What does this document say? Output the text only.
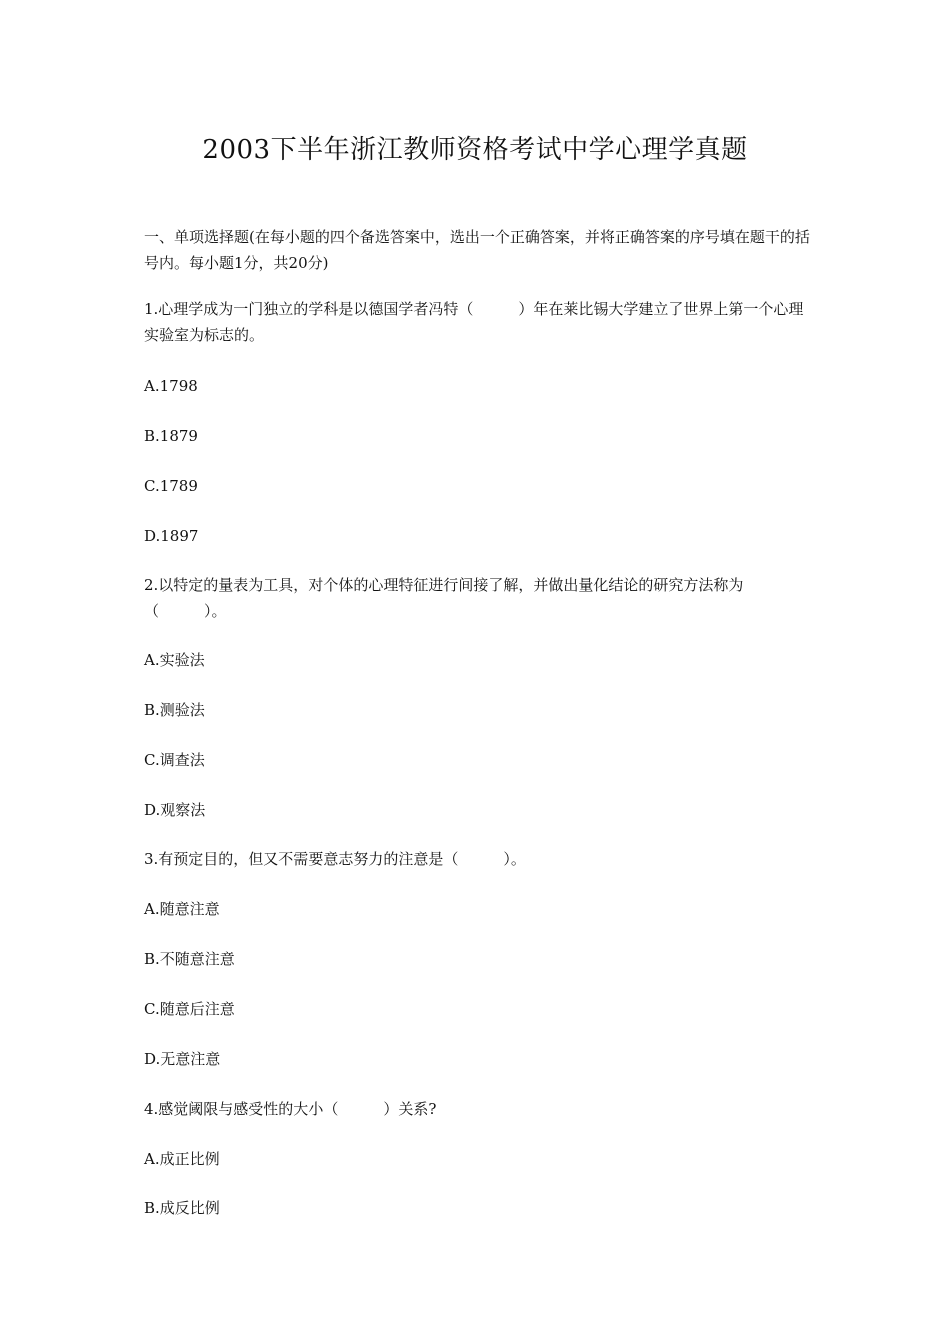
2003下半年浙江教师资格考试中学心理学真题
一、单项选择题(在每小题的四个备选答案中，选出一个正确答案，并将正确答案的序号填在题干的括号内。每小题1分，共20分)
1.心理学成为一门独立的学科是以德国学者冯特（　　　）年在莱比锡大学建立了世界上第一个心理实验室为标志的。
A.1798
B.1879
C.1789
D.1897
2.以特定的量表为工具，对个体的心理特征进行间接了解，并做出量化结论的研究方法称为（　　　）。
A.实验法
B.测验法
C.调查法
D.观察法
3.有预定目的，但又不需要意志努力的注意是（　　　）。
A.随意注意
B.不随意注意
C.随意后注意
D.无意注意
4.感觉阈限与感受性的大小（　　　）关系?
A.成正比例
B.成反比例
